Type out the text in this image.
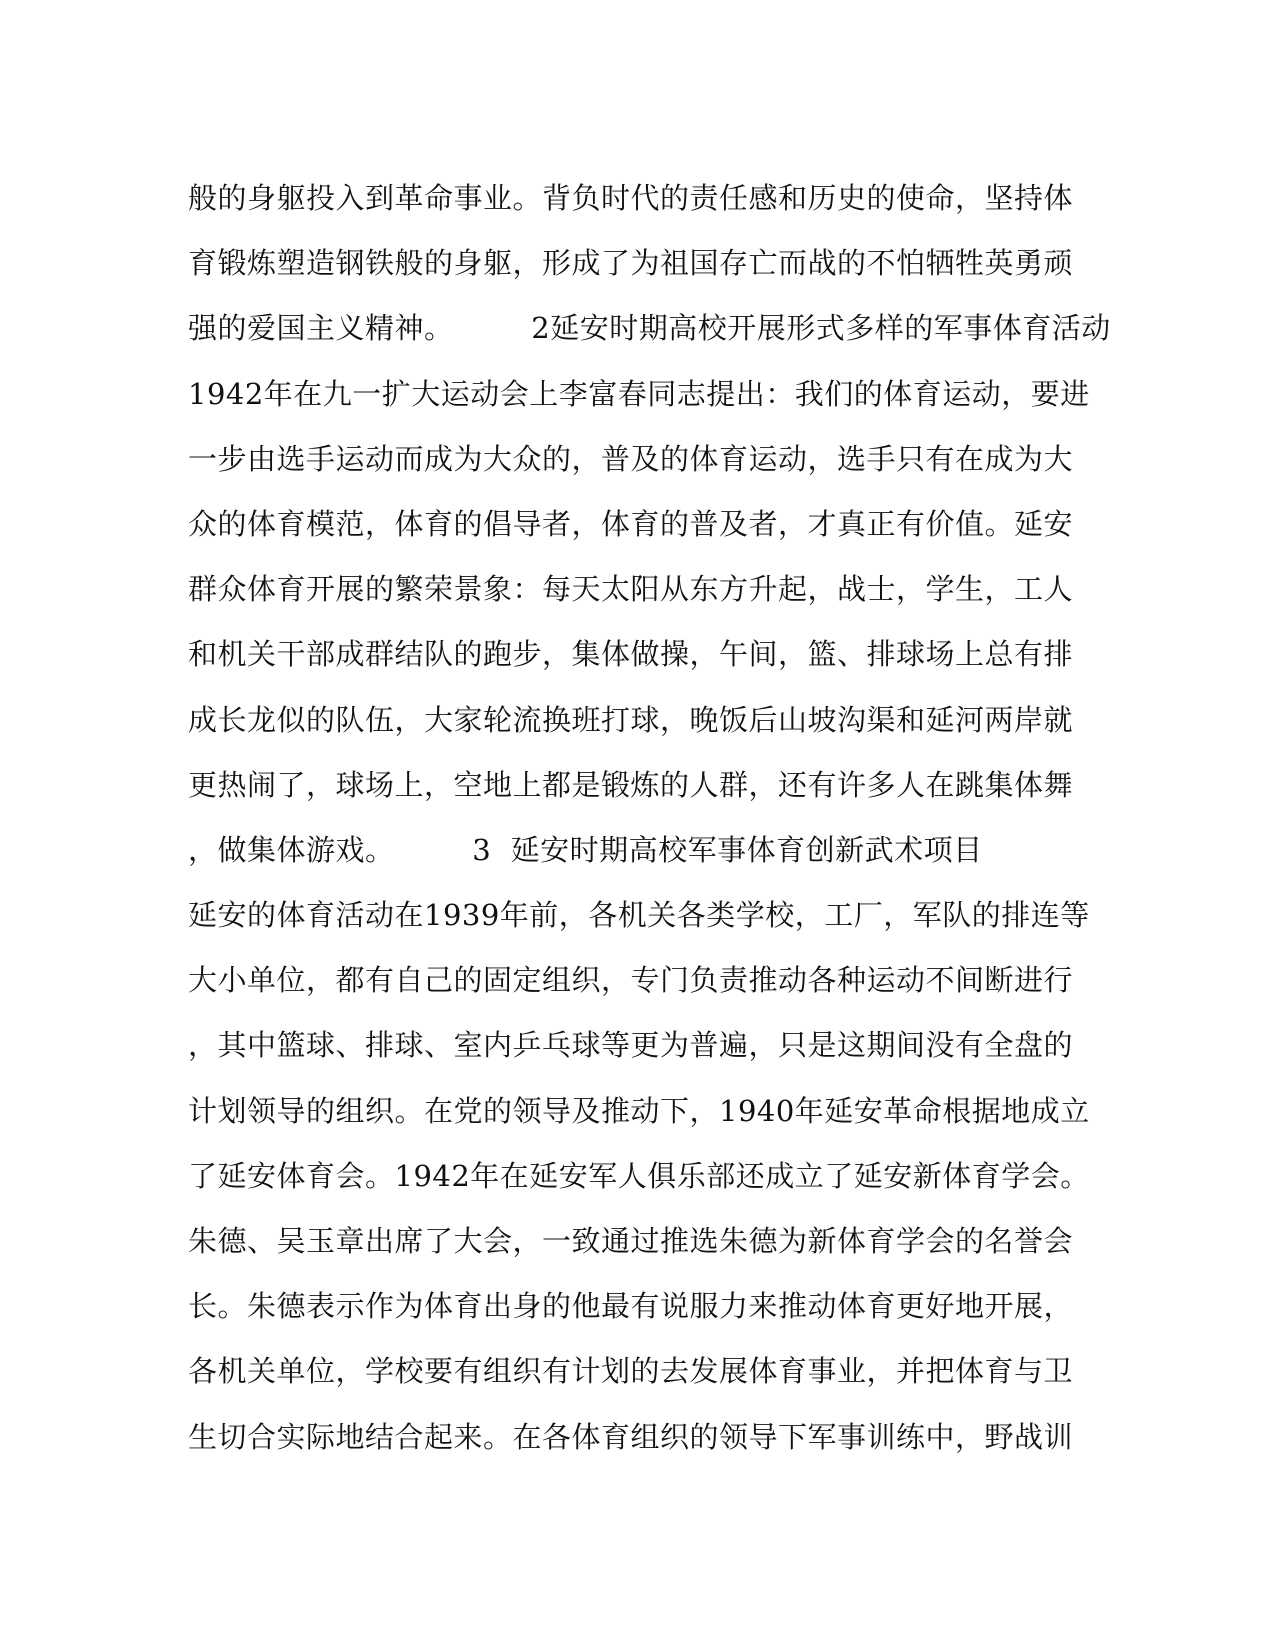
般的身躯投入到革命事业。背负时代的责任感和历史的使命，坚持体
育锻炼塑造钢铁般的身躯，形成了为祖国存亡而战的不怕牺牲英勇顽
强的爱国主义精神。        2延安时期高校开展形式多样的军事体育活动
1942年在九一扩大运动会上李富春同志提出：我们的体育运动，要进
一步由选手运动而成为大众的，普及的体育运动，选手只有在成为大
众的体育模范，体育的倡导者，体育的普及者，才真正有价值。延安
群众体育开展的繁荣景象：每天太阳从东方升起，战士，学生，工人
和机关干部成群结队的跑步，集体做操，午间，篮、排球场上总有排
成长龙似的队伍，大家轮流换班打球，晚饭后山坡沟渠和延河两岸就
更热闹了，球场上，空地上都是锻炼的人群，还有许多人在跳集体舞
，做集体游戏。        3  延安时期高校军事体育创新武术项目
延安的体育活动在1939年前，各机关各类学校，工厂，军队的排连等
大小单位，都有自己的固定组织，专门负责推动各种运动不间断进行
，其中篮球、排球、室内乒乓球等更为普遍，只是这期间没有全盘的
计划领导的组织。在党的领导及推动下，1940年延安革命根据地成立
了延安体育会。1942年在延安军人俱乐部还成立了延安新体育学会。
朱德、吴玉章出席了大会，一致通过推选朱德为新体育学会的名誉会
长。朱德表示作为体育出身的他最有说服力来推动体育更好地开展，
各机关单位，学校要有组织有计划的去发展体育事业，并把体育与卫
生切合实际地结合起来。在各体育组织的领导下军事训练中，野战训
